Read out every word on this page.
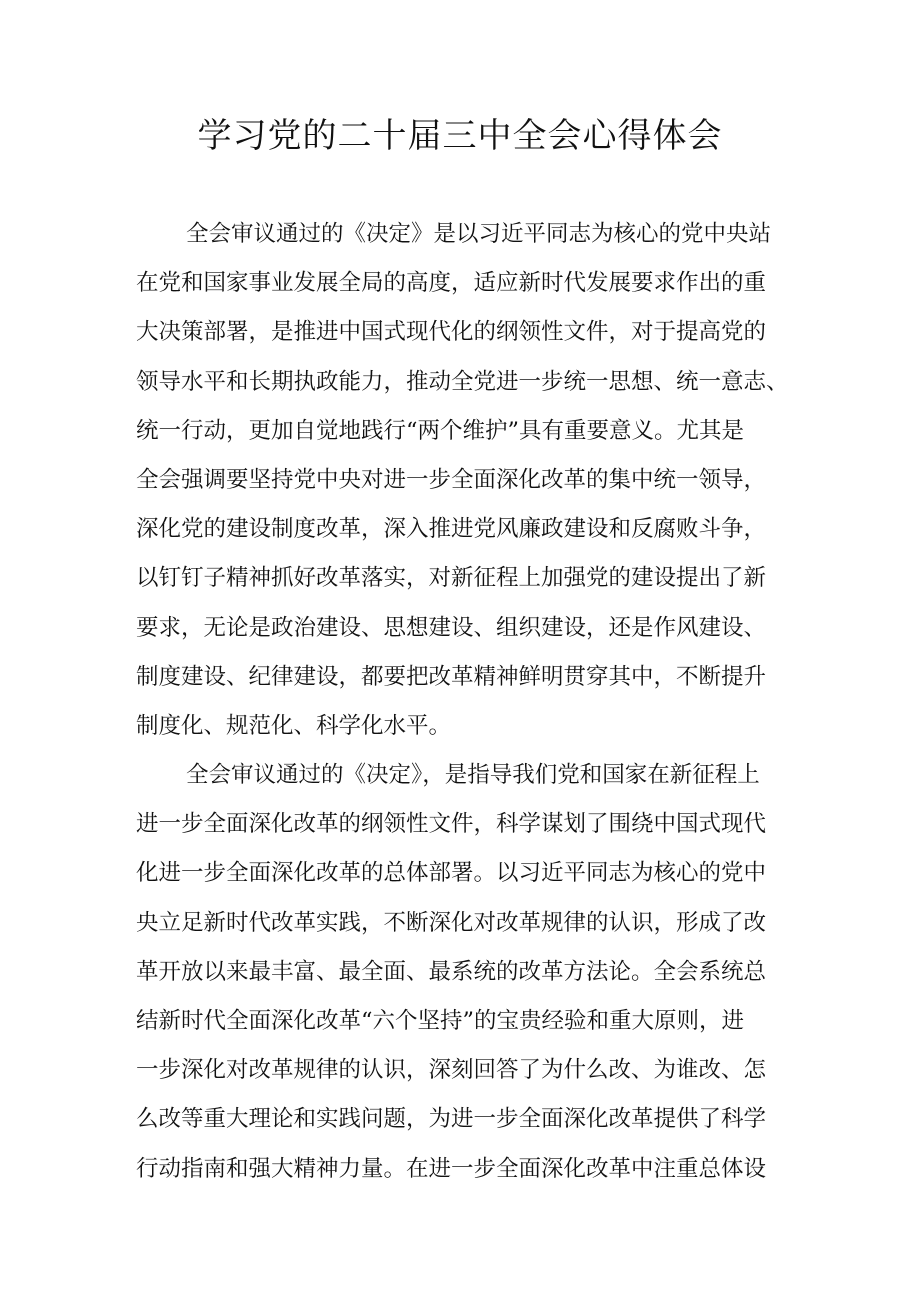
学习党的二十届三中全会心得体会
全会审议通过的《决定》是以习近平同志为核心的党中央站
在党和国家事业发展全局的高度，适应新时代发展要求作出的重
大决策部署，是推进中国式现代化的纲领性文件，对于提高党的
领导水平和长期执政能力，推动全党进一步统一思想、统一意志、
统一行动，更加自觉地践行“两个维护”具有重要意义。尤其是
全会强调要坚持党中央对进一步全面深化改革的集中统一领导，
深化党的建设制度改革，深入推进党风廉政建设和反腐败斗争，
以钉钉子精神抓好改革落实，对新征程上加强党的建设提出了新
要求，无论是政治建设、思想建设、组织建设，还是作风建设、
制度建设、纪律建设，都要把改革精神鲜明贯穿其中，不断提升
制度化、规范化、科学化水平。
全会审议通过的《决定》，是指导我们党和国家在新征程上
进一步全面深化改革的纲领性文件，科学谋划了围绕中国式现代
化进一步全面深化改革的总体部署。以习近平同志为核心的党中
央立足新时代改革实践，不断深化对改革规律的认识，形成了改
革开放以来最丰富、最全面、最系统的改革方法论。全会系统总
结新时代全面深化改革“六个坚持”的宝贵经验和重大原则，进
一步深化对改革规律的认识，深刻回答了为什么改、为谁改、怎
么改等重大理论和实践问题，为进一步全面深化改革提供了科学
行动指南和强大精神力量。在进一步全面深化改革中注重总体设
